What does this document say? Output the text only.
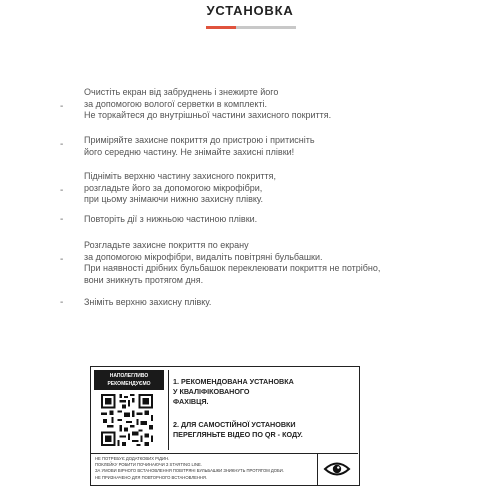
УСТАНОВКА
-
Очистіть екран від забруднень і знежирте його
за допомогою вологої серветки в комплекті.
Не торкайтеся до внутрішньої частини захисного покриття.
- Приміряйте захисне покриття до пристрою і притисніть
його середню частину. Не знімайте захисні плівки!
-
Підніміть верхню частину захисного покриття,
розгладьте його за допомогою мікрофібри,
при цьому знімаючи нижню захисну плівку.
- Повторіть дії з нижньою частиною плівки.
-
Розгладьте захисне покриття по екрану
за допомогою мікрофібри, видаліть повітряні бульбашки.
При наявності дрібних бульбашок переклеювати покриття не потрібно,
вони зникнуть протягом дня.
- Зніміть верхню захисну плівку.
НАПОЛЕГЛИВО
РЕКОМЕНДУЄМО	1. РЕКОМЕНДОВАНА УСТАНОВКА
У КВАЛІФІКОВАНОГО
ФАХІВЦЯ.
2. ДЛЯ САМОСТІЙНОЇ УСТАНОВКИ
ПЕРЕГЛЯНЬТЕ ВІДЕО ПО QR - КОДУ.
НЕ ПОТРЕБУЄ ДОДАТКОВИХ РІДИН.
ПОКЛЕЙКУ РОБИТИ ПОЧИНАЮЧИ З STARTING LINE.
ЗА УМОВИ ВІРНОГО ВСТАНОВЛЕННЯ ПОВІТРЯНІ БУЛЬБАШКИ ЗНИКНУТЬ ПРОТЯГОМ ДОБИ.
НЕ ПРИЗНАЧЕНО ДЛЯ ПОВТОРНОГО ВСТАНОВЛЕННЯ.
